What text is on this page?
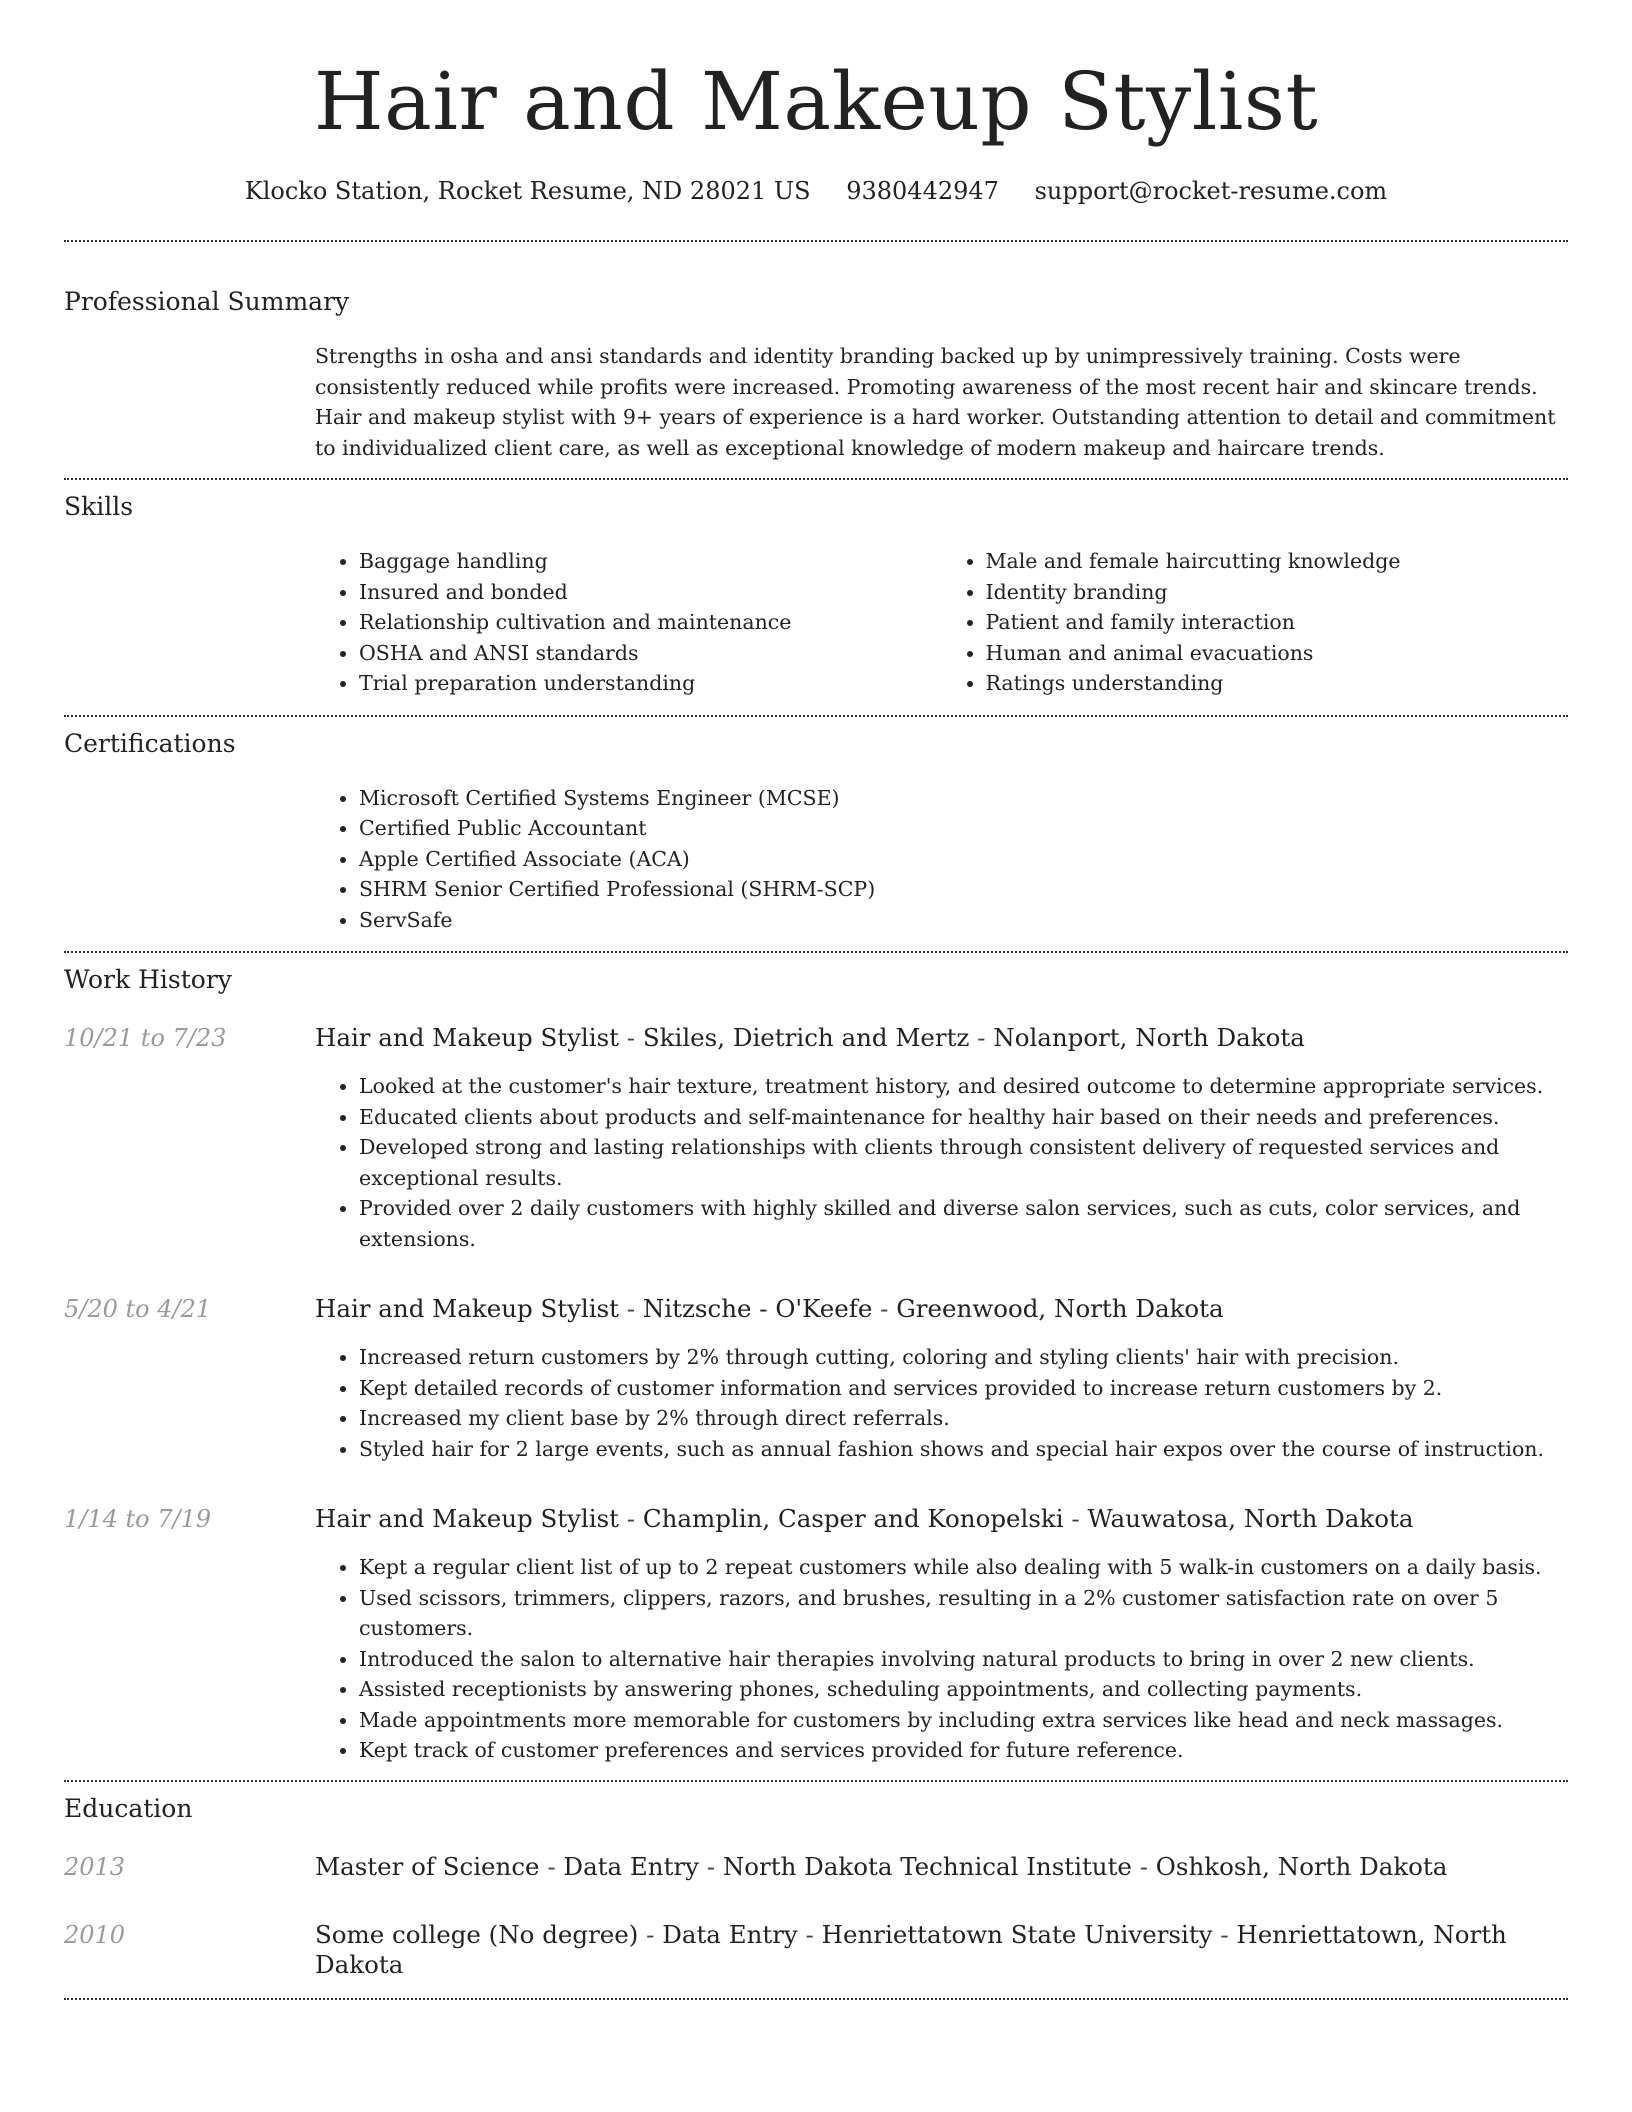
Hair and Makeup Stylist
Klocko Station, Rocket Resume, ND 28021 US 9380442947 support@rocket-resume.com
Professional Summary

Strengths in osha and ansi standards and identity branding backed up by unimpressively training. Costs were consistently reduced while profits were increased. Promoting awareness of the most recent hair and skincare trends. Hair and makeup stylist with 9+ years of experience is a hard worker. Outstanding attention to detail and commitment to individualized client care, as well as exceptional knowledge of modern makeup and haircare trends.

Skills
• Baggage handling
• Insured and bonded
• Relationship cultivation and maintenance
• OSHA and ANSI standards
• Trial preparation understanding
• Male and female haircutting knowledge
• Identity branding
• Patient and family interaction
• Human and animal evacuations
• Ratings understanding
Certifications
• Microsoft Certified Systems Engineer (MCSE)
• Certified Public Accountant
• Apple Certified Associate (ACA)
• SHRM Senior Certified Professional (SHRM-SCP)
• ServSafe
Work History
10/21 to 7/23	Hair and Makeup Stylist - Skiles, Dietrich and Mertz - Nolanport, North Dakota
• Looked at the customer's hair texture, treatment history, and desired outcome to determine appropriate services.
• Educated clients about products and self-maintenance for healthy hair based on their needs and preferences.
• Developed strong and lasting relationships with clients through consistent delivery of requested services and exceptional results.
• Provided over 2 daily customers with highly skilled and diverse salon services, such as cuts, color services, and extensions.
5/20 to 4/21	Hair and Makeup Stylist - Nitzsche - O'Keefe - Greenwood, North Dakota
• Increased return customers by 2% through cutting, coloring and styling clients' hair with precision.
• Kept detailed records of customer information and services provided to increase return customers by 2.
• Increased my client base by 2% through direct referrals.
• Styled hair for 2 large events, such as annual fashion shows and special hair expos over the course of instruction.
1/14 to 7/19	Hair and Makeup Stylist - Champlin, Casper and Konopelski - Wauwatosa, North Dakota
• Kept a regular client list of up to 2 repeat customers while also dealing with 5 walk-in customers on a daily basis.
• Used scissors, trimmers, clippers, razors, and brushes, resulting in a 2% customer satisfaction rate on over 5 customers.
• Introduced the salon to alternative hair therapies involving natural products to bring in over 2 new clients.
• Assisted receptionists by answering phones, scheduling appointments, and collecting payments.
• Made appointments more memorable for customers by including extra services like head and neck massages.
• Kept track of customer preferences and services provided for future reference.
Education
2013	Master of Science - Data Entry - North Dakota Technical Institute - Oshkosh, North Dakota
2010	Some college (No degree) - Data Entry - Henriettatown State University - Henriettatown, North Dakota
